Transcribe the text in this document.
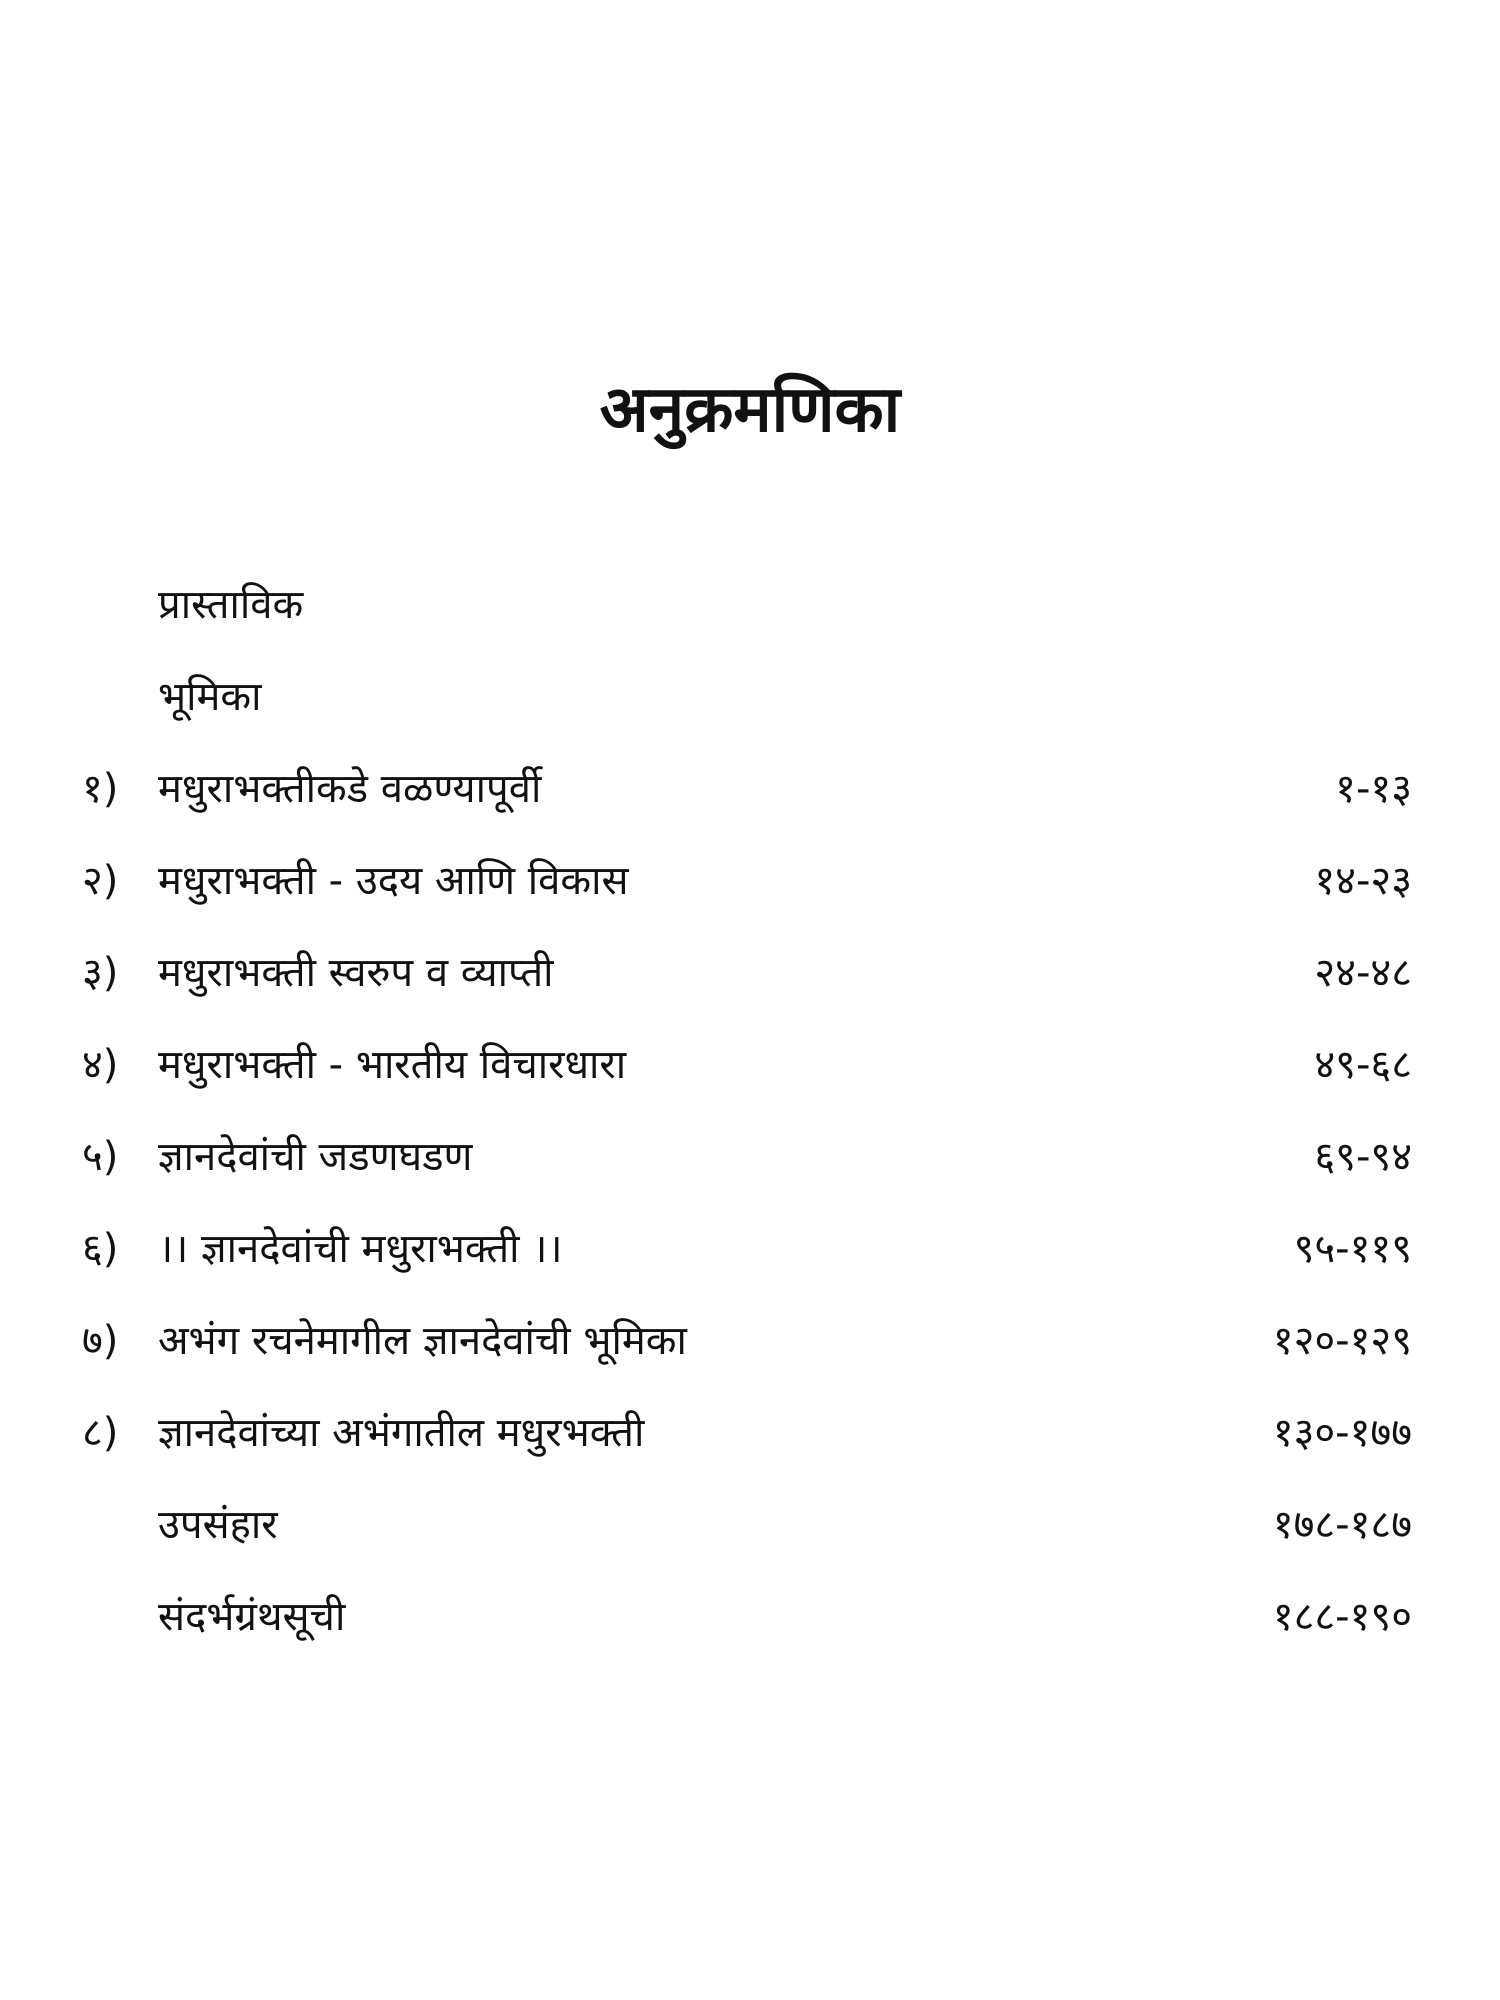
अनुक्रमणिका
प्रास्ताविक
भूमिका
१) मधुराभक्तीकडे वळण्यापूर्वी	१-१३
२) मधुराभक्ती - उदय आणि विकास	१४-२३
३) मधुराभक्ती स्वरुप व व्याप्ती	२४-४८
४) मधुराभक्ती - भारतीय विचारधारा	४९-६८
५) ज्ञानदेवांची जडणघडण	६९-९४
६) ।। ज्ञानदेवांची मधुराभक्ती ।।	९५-११९
७) अभंग रचनेमागील ज्ञानदेवांची भूमिका	१२०-१२९
८) ज्ञानदेवांच्या अभंगातील मधुरभक्ती	१३०-१७७
उपसंहार	१७८-१८७
संदर्भग्रंथसूची	१८८-१९०
